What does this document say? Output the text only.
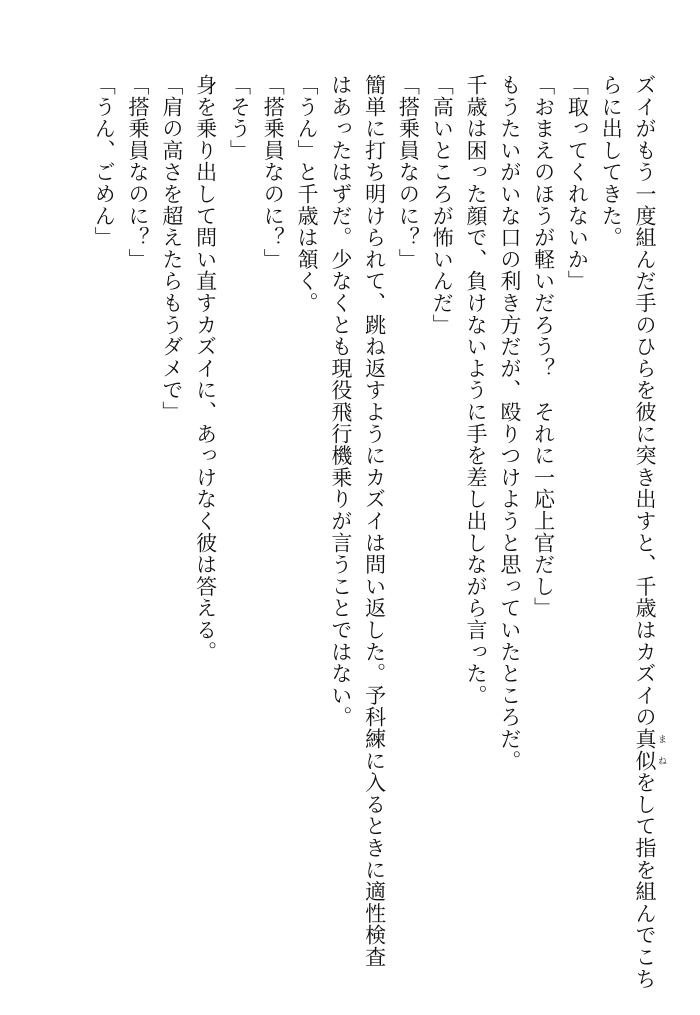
ズイがもう一度組んだ手のひらを彼に突き出すと、千歳はカズイの真似 まねをして指を組んでこち

らに出してきた。

「取ってくれないか」

「おまえのほうが軽いだろう？　それに一応上官だし」

もうたいがいな口の利き方だが、殴りつけようと思っていたところだ。

千歳は困った顔で、負けないように手を差し出しながら言った。

「高いところが怖いんだ」

「搭乗員なのに？」

簡単に打ち明けられて、跳ね返すようにカズイは問い返した。予科練に入るときに適性検査

はあったはずだ。少なくとも現役飛行機乗りが言うことではない。

「うん」と千歳は頷く。

「搭乗員なのに？」

「そう」

身を乗り出して問い直すカズイに、あっけなく彼は答える。

「肩の高さを超えたらもうダメで」

「搭乗員なのに？」

「うん、ごめん」
